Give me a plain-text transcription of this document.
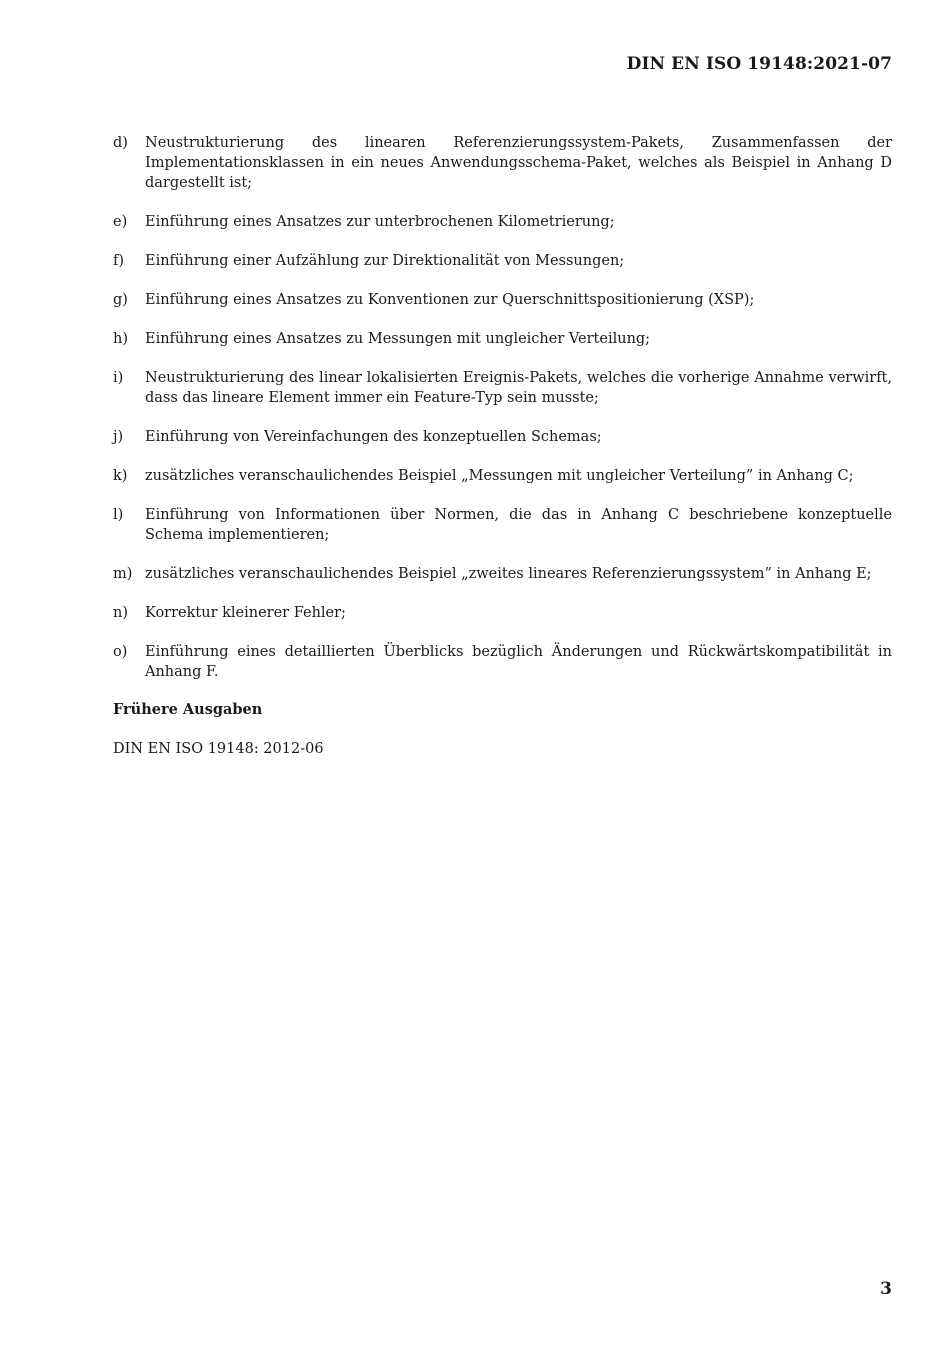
DIN EN ISO 19148:2021-07
d)	Neustrukturierung des linearen Referenzierungssystem-Pakets, Zusammenfassen der Implementationsklassen in ein neues Anwendungsschema-Paket, welches als Beispiel in Anhang D dargestellt ist;
e)	Einführung eines Ansatzes zur unterbrochenen Kilometrierung;
f)	Einführung einer Aufzählung zur Direktionalität von Messungen;
g)	Einführung eines Ansatzes zu Konventionen zur Querschnittspositionierung (XSP);
h)	Einführung eines Ansatzes zu Messungen mit ungleicher Verteilung;
i)	Neustrukturierung des linear lokalisierten Ereignis-Pakets, welches die vorherige Annahme verwirft, dass das lineare Element immer ein Feature-Typ sein musste;
j)	Einführung von Vereinfachungen des konzeptuellen Schemas;
k)	zusätzliches veranschaulichendes Beispiel „Messungen mit ungleicher Verteilung” in Anhang C;
l)	Einführung von Informationen über Normen, die das in Anhang C beschriebene konzeptuelle Schema implementieren;
m) zusätzliches veranschaulichendes Beispiel „zweites lineares Referenzierungssystem” in Anhang E;
n)	Korrektur kleinerer Fehler;
o)	Einführung eines detaillierten Überblicks bezüglich Änderungen und Rückwärtskompatibilität in Anhang F.
Frühere Ausgaben

DIN EN ISO 19148: 2012-06

3
